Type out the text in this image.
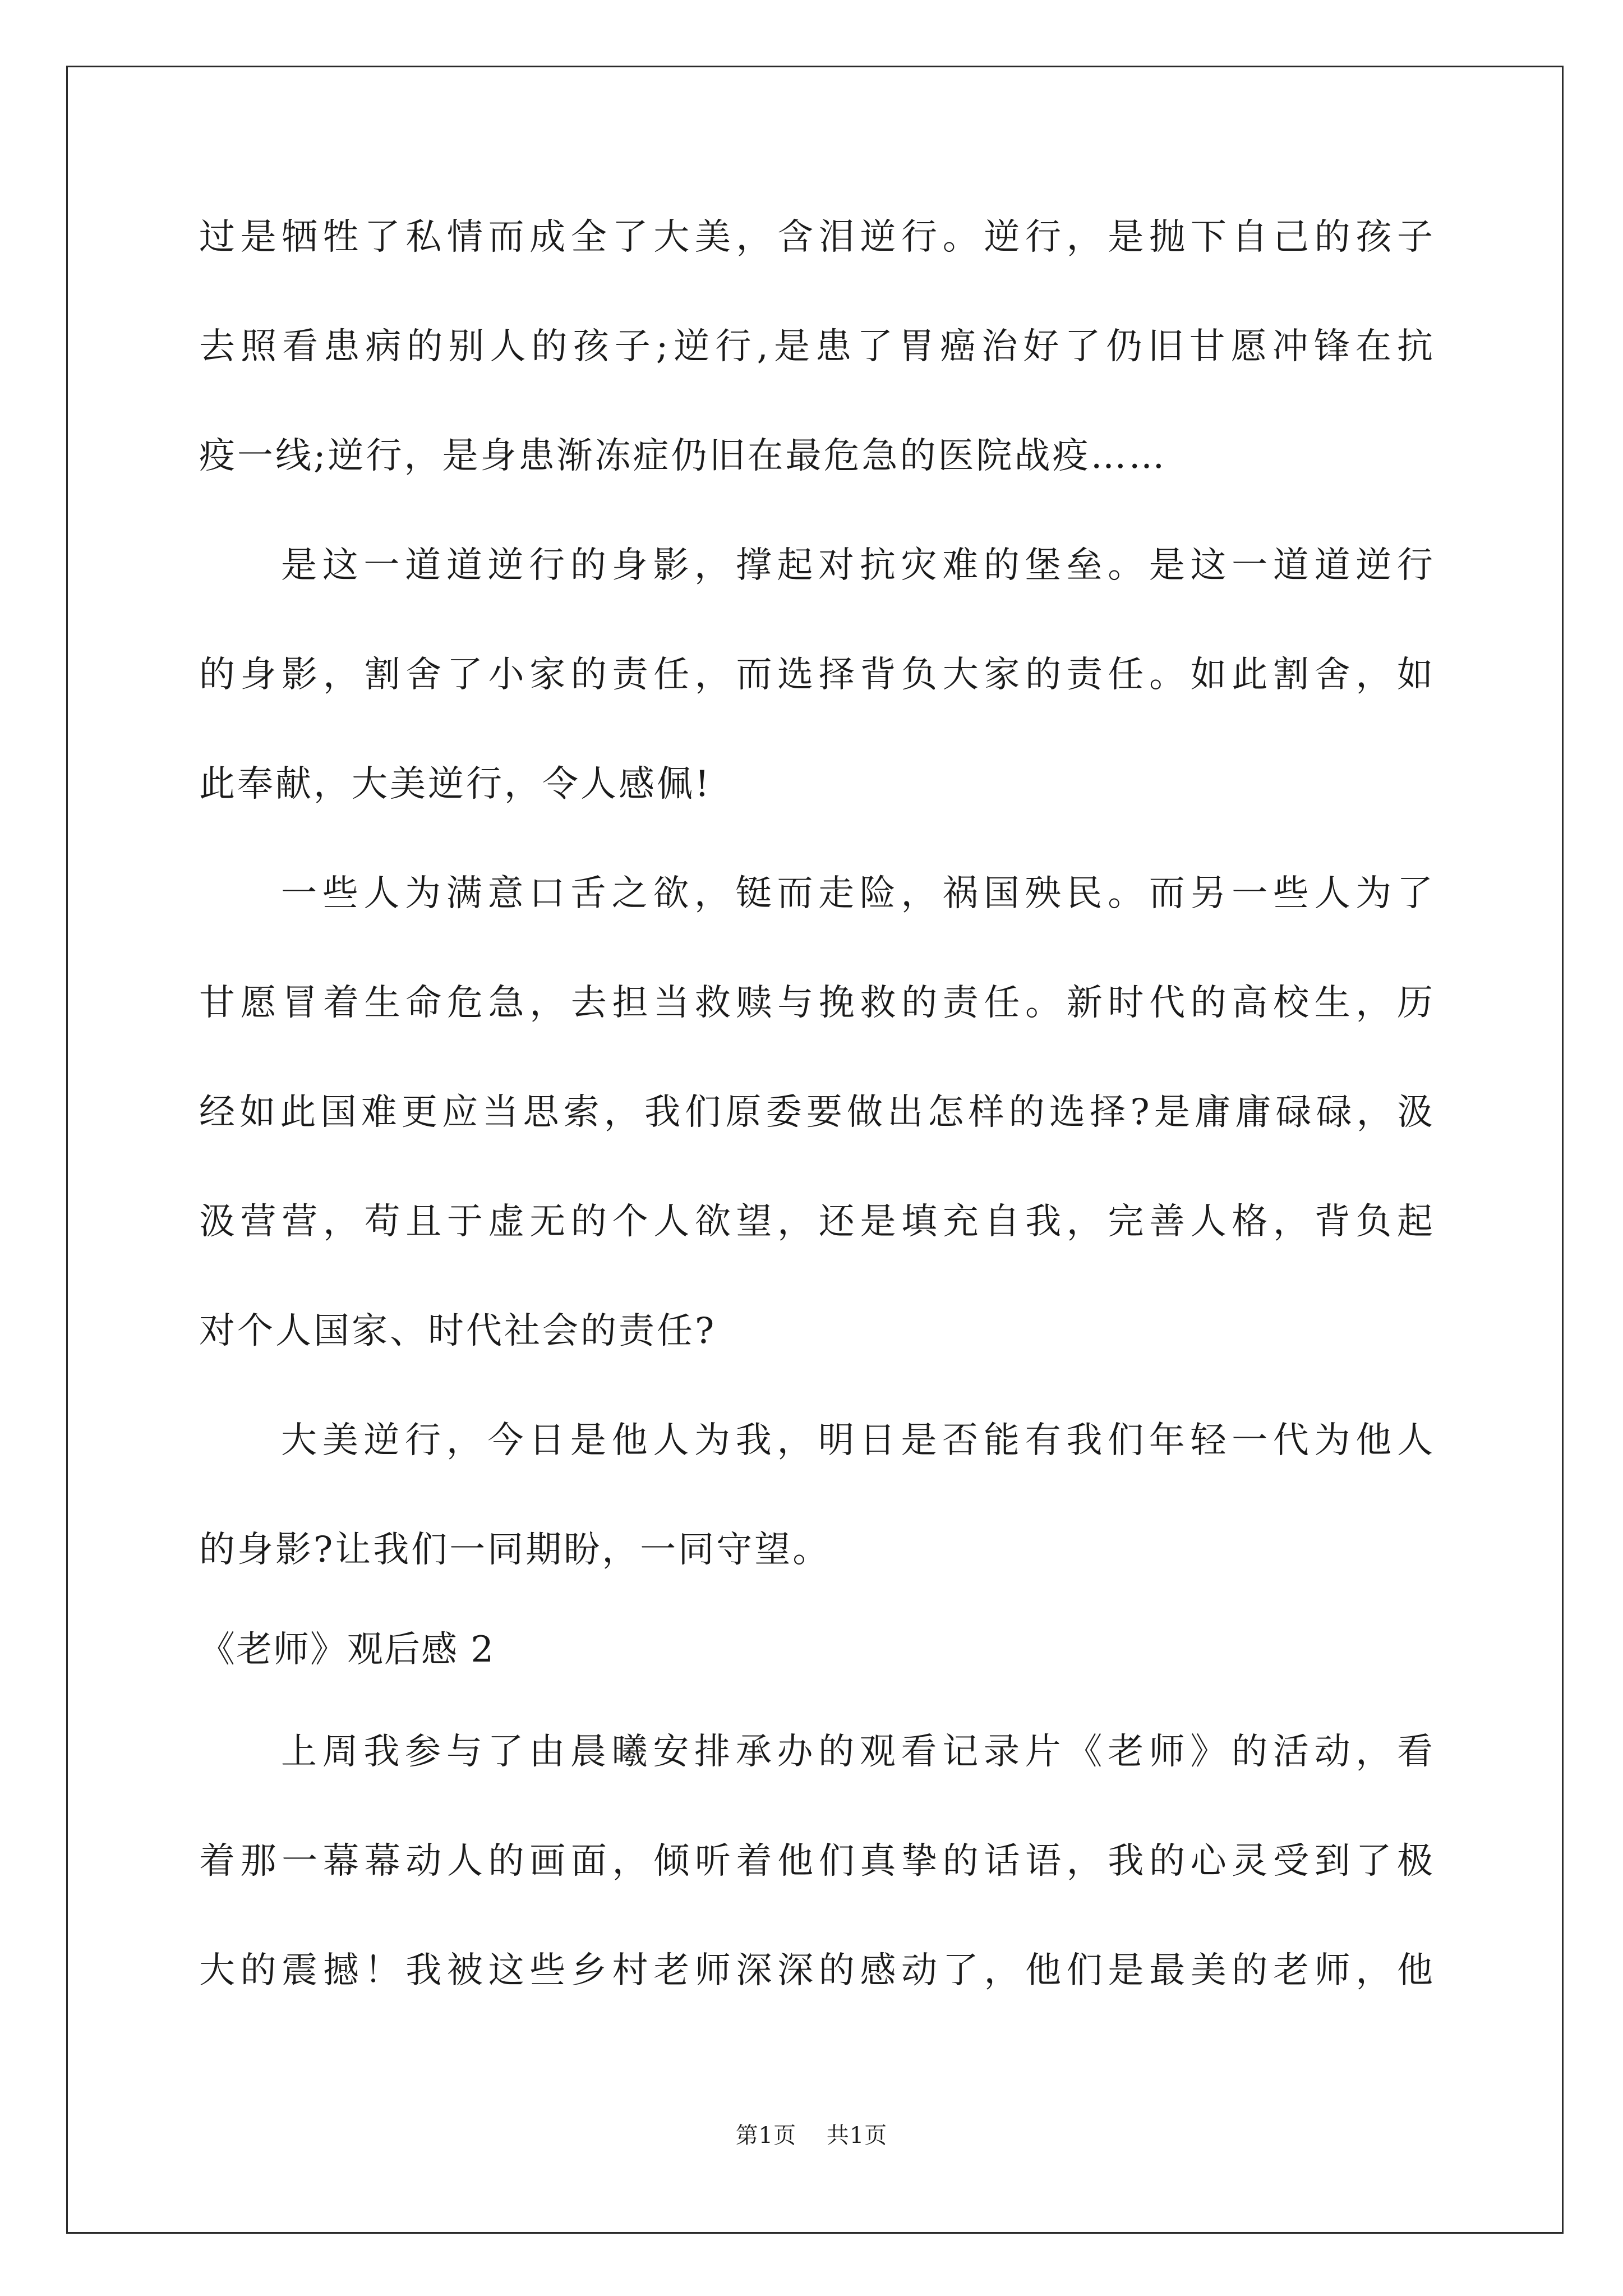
过是牺牲了私情而成全了大美，含泪逆行。逆行，是抛下自己的孩子
去照看患病的别人的孩子;逆行,是患了胃癌治好了仍旧甘愿冲锋在抗
疫一线;逆行，是身患渐冻症仍旧在最危急的医院战疫……
是这一道道逆行的身影，撑起对抗灾难的堡垒。是这一道道逆行
的身影，割舍了小家的责任，而选择背负大家的责任。如此割舍，如
此奉献，大美逆行，令人感佩!
一些人为满意口舌之欲，铤而走险，祸国殃民。而另一些人为了
甘愿冒着生命危急，去担当救赎与挽救的责任。新时代的高校生，历
经如此国难更应当思索，我们原委要做出怎样的选择?是庸庸碌碌，汲
汲营营，苟且于虚无的个人欲望，还是填充自我，完善人格，背负起
对个人国家、时代社会的责任?
大美逆行，今日是他人为我，明日是否能有我们年轻一代为他人
的身影?让我们一同期盼，一同守望。
《老师》观后感 2
上周我参与了由晨曦安排承办的观看记录片《老师》的活动，看
着那一幕幕动人的画面，倾听着他们真挚的话语，我的心灵受到了极
大的震撼！我被这些乡村老师深深的感动了，他们是最美的老师，他
第1页 共1页
